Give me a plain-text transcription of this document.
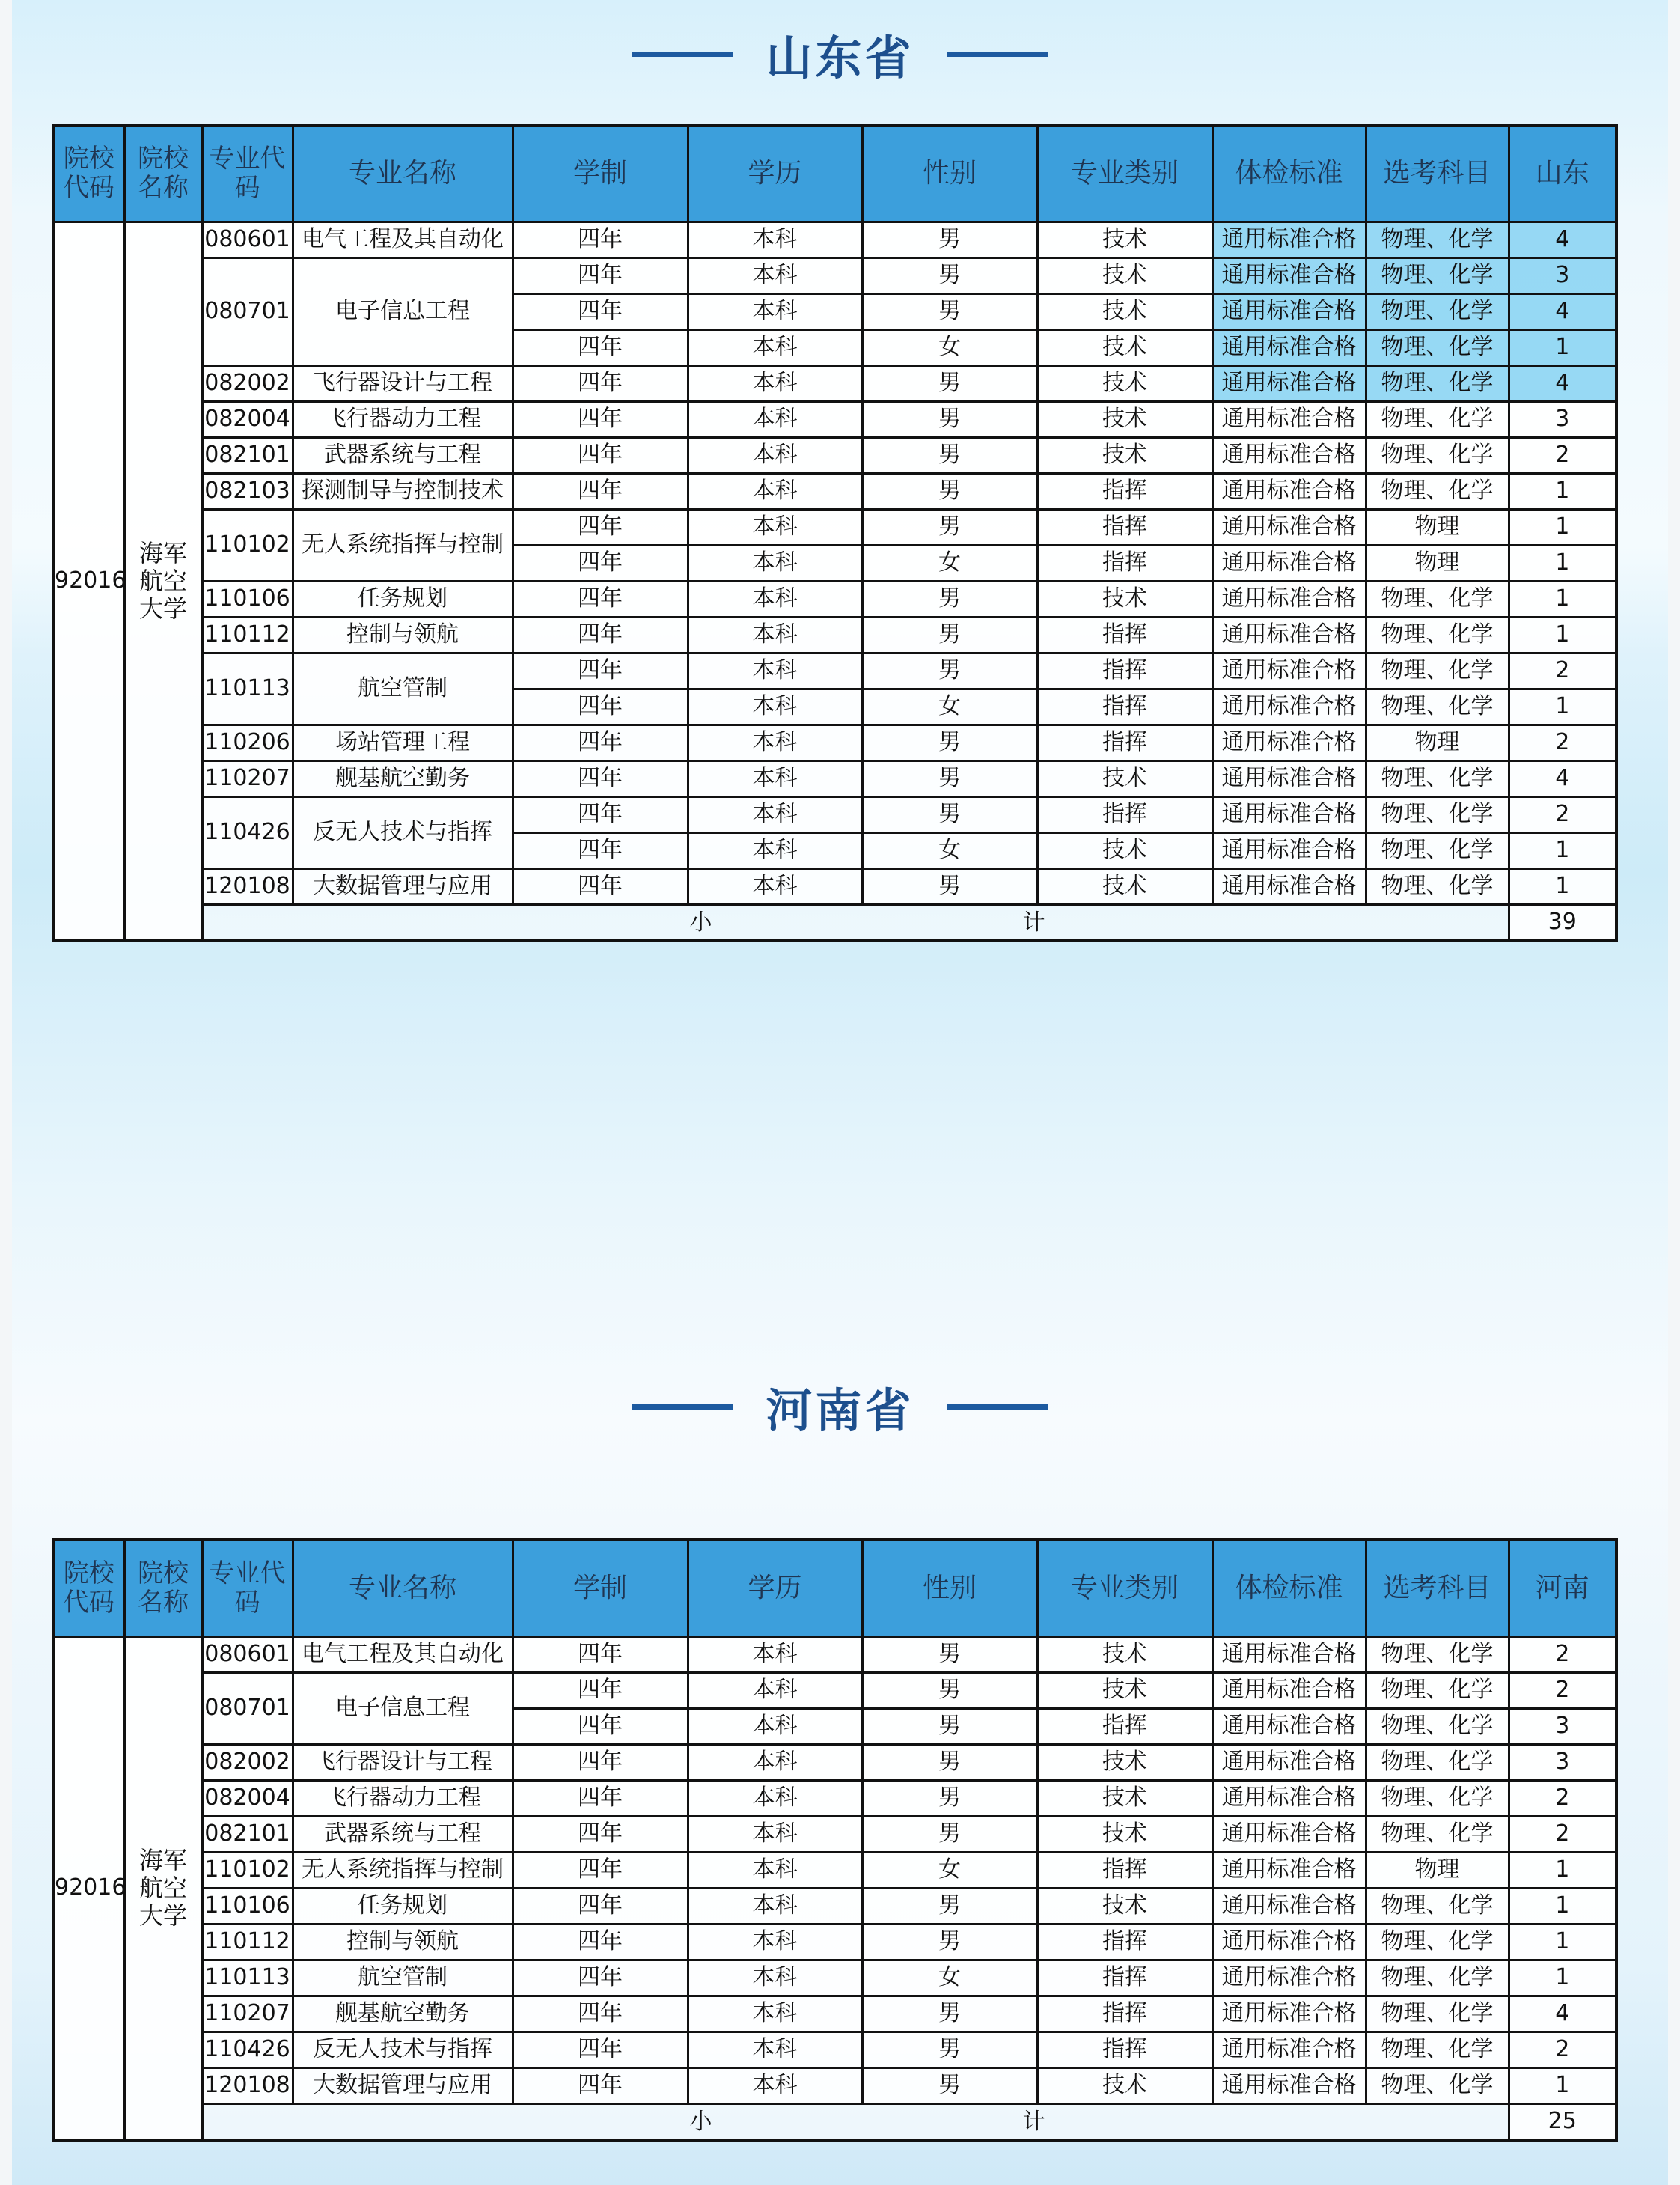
山东省
院校代码	院校名称	专业代码	专业名称	学制	学历	性别	专业类别	体检标准	选考科目	山东
92016	海军航空大学	080601	电气工程及其自动化	四年	本科	男	技术	通用标准合格	物理、化学	4
		080701	电子信息工程	四年	本科	男	技术	通用标准合格	物理、化学	3
				四年	本科	男	技术	通用标准合格	物理、化学	4
				四年	本科	女	技术	通用标准合格	物理、化学	1
		082002	飞行器设计与工程	四年	本科	男	技术	通用标准合格	物理、化学	4
		082004	飞行器动力工程	四年	本科	男	技术	通用标准合格	物理、化学	3
		082101	武器系统与工程	四年	本科	男	技术	通用标准合格	物理、化学	2
		082103	探测制导与控制技术	四年	本科	男	指挥	通用标准合格	物理、化学	1
		110102	无人系统指挥与控制	四年	本科	男	指挥	通用标准合格	物理	1
				四年	本科	女	指挥	通用标准合格	物理	1
		110106	任务规划	四年	本科	男	技术	通用标准合格	物理、化学	1
		110112	控制与领航	四年	本科	男	指挥	通用标准合格	物理、化学	1
		110113	航空管制	四年	本科	男	指挥	通用标准合格	物理、化学	2
				四年	本科	女	指挥	通用标准合格	物理、化学	1
		110206	场站管理工程	四年	本科	男	指挥	通用标准合格	物理	2
		110207	舰基航空勤务	四年	本科	男	技术	通用标准合格	物理、化学	4
		110426	反无人技术与指挥	四年	本科	男	指挥	通用标准合格	物理、化学	2
				四年	本科	女	技术	通用标准合格	物理、化学	1
		120108	大数据管理与应用	四年	本科	男	技术	通用标准合格	物理、化学	1

		小 计								39
河南省
院校代码	院校名称	专业代码	专业名称	学制	学历	性别	专业类别	体检标准	选考科目	河南
92016	海军航空大学	080601	电气工程及其自动化	四年	本科	男	技术	通用标准合格	物理、化学	2
		080701	电子信息工程	四年	本科	男	技术	通用标准合格	物理、化学	2
				四年	本科	男	指挥	通用标准合格	物理、化学	3
		082002	飞行器设计与工程	四年	本科	男	技术	通用标准合格	物理、化学	3
		082004	飞行器动力工程	四年	本科	男	技术	通用标准合格	物理、化学	2
		082101	武器系统与工程	四年	本科	男	技术	通用标准合格	物理、化学	2
		110102	无人系统指挥与控制	四年	本科	女	指挥	通用标准合格	物理	1
		110106	任务规划	四年	本科	男	技术	通用标准合格	物理、化学	1
		110112	控制与领航	四年	本科	男	指挥	通用标准合格	物理、化学	1
		110113	航空管制	四年	本科	女	指挥	通用标准合格	物理、化学	1
		110207	舰基航空勤务	四年	本科	男	指挥	通用标准合格	物理、化学	4
		110426	反无人技术与指挥	四年	本科	男	指挥	通用标准合格	物理、化学	2
		120108	大数据管理与应用	四年	本科	男	技术	通用标准合格	物理、化学	1

		小 计								25
